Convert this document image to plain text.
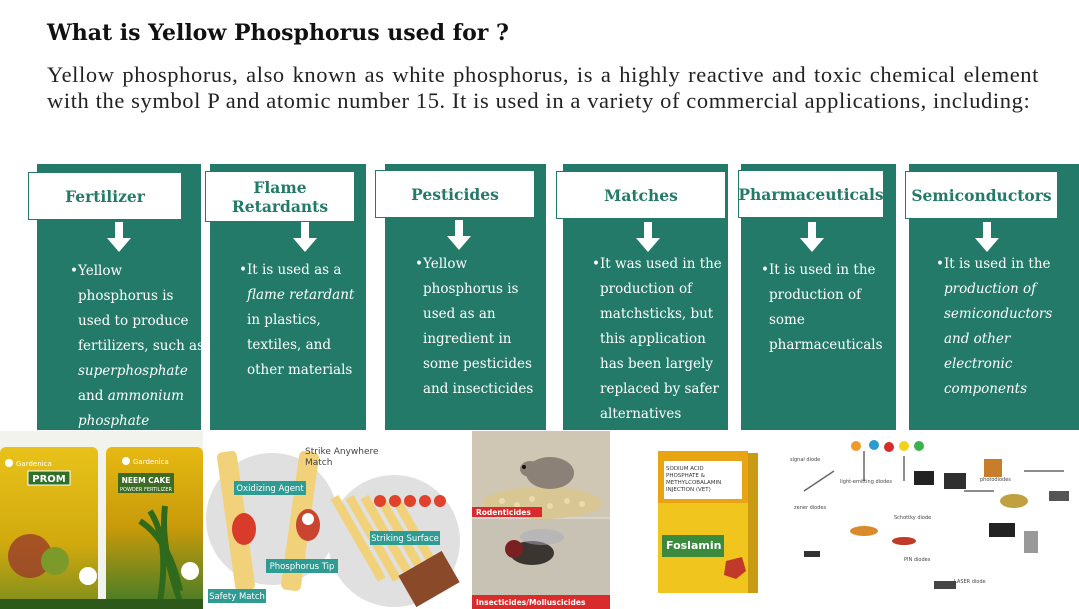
What is Yellow Phosphorus used for ?
Yellow phosphorus, also known as white phosphorus, is a highly reactive and toxic chemical element with the symbol P and atomic number 15. It is used in a variety of commercial applications, including:
Fertilizer	Flame
Retardants
Pesticides	Matches	Pharmaceuticals Semiconductors
•Yellow
phosphorus is
used to produce
fertilizers, such as
superphosphate
and ammonium
phosphate
•It is used as a
flame retardant
in plastics,
textiles, and
other materials
•Yellow
phosphorus is
used as an
ingredient in
some pesticides
and insecticides
•It was used in the
production of
matchsticks, but
this application
has been largely
replaced by safer
alternatives
•It is used in the
production of
some
pharmaceuticals
•It is used in the
production of
semiconductors
and other
electronic
components
Gardenica
PROM
Gardenica
NEEM CAKE
POWDER FERTILIZER
Strike Anywhere
Match
Oxidizing Agent
Striking Surface
Phosphorus Tip
Safety Match
Rodenticides
Insecticides/Molluscicides
SODIUM ACID
PHOSPHATE &
METHYLCOBALAMIN
INJECTION (VET)
Foslamin
signal diode
light-emitting diodes
zener diodes
Schottky diode
PIN diodes
LASER diode
photodiodes
